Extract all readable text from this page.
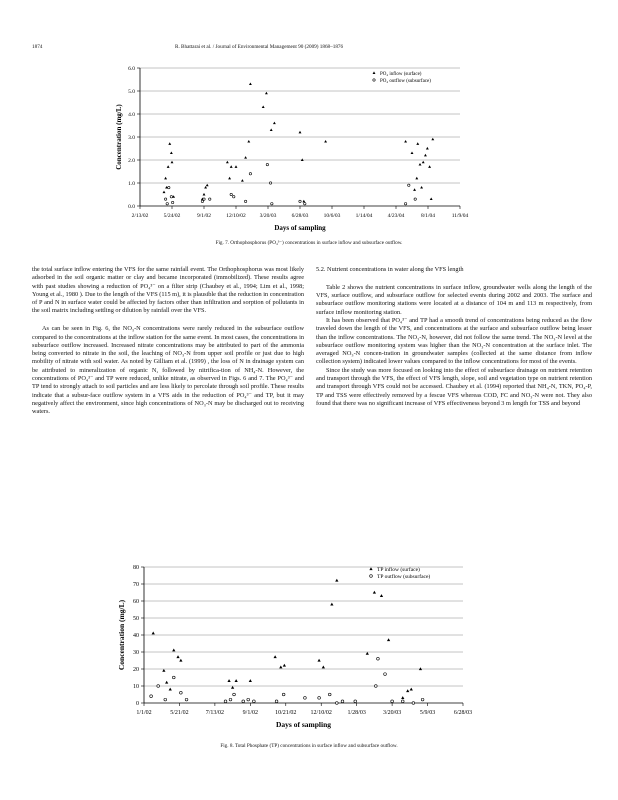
1874	R. Bhattarai et al. / Journal of Environmental Management 90 (2009) 1868–1876
0.0
1.0
2.0
3.0
4.0
5.0
6.0
2/13/02	5/24/02	9/1/02	12/10/02	3/20/03	6/28/03	10/6/03	1/14/04	4/23/04	8/1/04	11/9/04
Days of sampling
Concentration (mg/L)
PO₄ inflow (surface)
PO₄ outflow (subsurface)
Fig. 7. Orthophosphorus (PO₄³⁻) concentrations in surface inflow and subsurface outflow.

the total surface inflow entering the VFS for the same rainfall event. The Orthophosphorus was most likely adsorbed in the soil organic matter or clay and became incorporated (immobilized). These results agree with past studies showing a reduction of PO₄³⁻ on a filter strip (Chaubey et al., 1994; Lim et al., 1998; Young et al., 1980 ). Due to the length of the VFS (115 m), it is plausible that the reduction in concentration of P and N in surface water could be affected by factors other than infiltration and sorption of pollutants in the soil matrix including settling or dilution by rainfall over the VFS.

As can be seen in Fig. 6, the NO₃-N concentrations were rarely reduced in the subsurface outflow compared to the concentrations at the inflow station for the same event. In most cases, the concentrations in subsurface outflow increased. Increased nitrate concentrations may be attributed to part of the ammonia being converted to nitrate in the soil, the leaching of NO₃-N from upper soil profile or just due to high mobility of nitrate with soil water. As noted by Gilliam et al. (1999) , the loss of N in drainage system can be attributed to mineralization of organic N, followed by nitrifica-tion of NH₄-N. However, the concentrations of PO₄³⁻ and TP were reduced, unlike nitrate, as observed in Figs. 6 and 7. The PO₄³⁻ and TP tend to strongly attach to soil particles and are less likely to percolate through soil profile. These results indicate that a subsur-face outflow system in a VFS aids in the reduction of PO₄³⁻ and TP, but it may negatively affect the environment, since high concentrations of NO₃-N may be discharged out to receiving waters.

5.2. Nutrient concentrations in water along the VFS length

Table 2 shows the nutrient concentrations in surface inflow, groundwater wells along the length of the VFS, surface outflow, and subsurface outflow for selected events during 2002 and 2003. The surface and subsurface outflow monitoring stations were located at a distance of 104 m and 113 m respectively, from surface inflow monitoring station.

It has been observed that PO₄³⁻ and TP had a smooth trend of concentrations being reduced as the flow traveled down the length of the VFS, and concentrations at the surface and subsurface outflow being lesser than the inflow concentrations. The NO₃-N, however, did not follow the same trend. The NO₃-N level at the subsurface outflow monitoring system was higher than the NO₃-N concentration at the surface inlet. The averaged NO₃-N concen-tration in groundwater samples (collected at the same distance from inflow collection system) indicated lower values compared to the inflow concentrations for most of the events.

Since the study was more focused on looking into the effect of subsurface drainage on nutrient retention and transport through the VFS, the effect of VFS length, slope, soil and vegetation type on nutrient retention and transport through VFS could not be accessed. Chaubey et al. (1994) reported that NH₄-N, TKN, PO₄-P, TP and TSS were effectively removed by a fescue VFS whereas COD, FC and NO₃-N were not. They also found that there was no significant increase of VFS effectiveness beyond 3 m length for TSS and beyond

0
10
20
30
40
50
60
70
80
1/1/02	5/21/02	7/13/02	9/1/02	10/21/02 12/10/02	1/28/03	3/20/03	5/9/03	6/28/03
Days of sampling
Concentration (mg/L)
TP inflow (surface)
TP outflow (subsurface)
Fig. 8. Total Phosphate (TP) concentrations in surface inflow and subsurface outflow.
